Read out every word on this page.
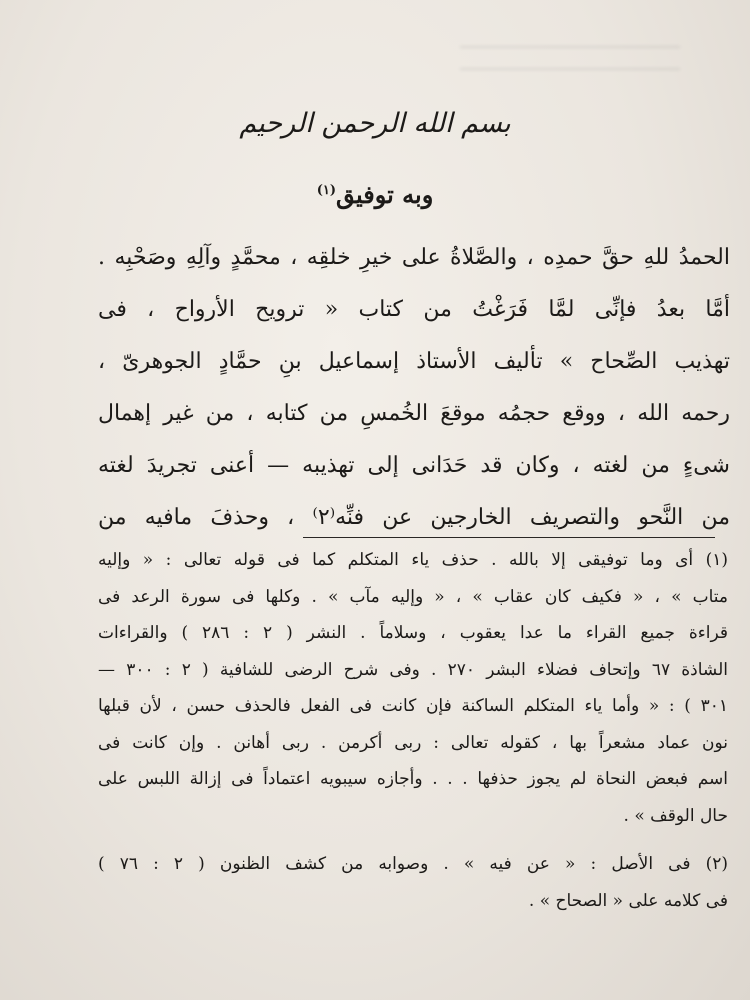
بسم الله الرحمن الرحيم
وبه توفيق$^{(١)}$
الحمدُ للهِ حقَّ حمدِه ، والصَّلاةُ على خيرِ خلقِه ، محمَّدٍ وآلِهِ وصَحْبِه .
أمَّا بعدُ فإنِّى لمَّا فَرَغْتُ من كتاب « ترويح الأرواح ، فى
تهذيب الصِّحاح » تأليف الأستاذ إسماعيل بنِ حمَّادٍ الجوهرىّ ،
رحمه الله ، ووقع حجمُه موقعَ الخُمسِ من كتابه ، من غير إهمال
شىءٍ من لغته ، وكان قد حَدَانى إلى تهذيبه — أعنى تجريدَ لغته
من النَّحو والتصريف الخارجين عن فنِّه⁽٢⁾ ، وحذفَ مافيه من
(١) أى وما توفيقى إلا بالله . حذف ياء المتكلم كما فى قوله تعالى : « وإليه
متاب » ، « فكيف كان عقاب » ، « وإليه مآب » . وكلها فى سورة الرعد فى
قراءة جميع القراء ما عدا يعقوب ، وسلاماً . النشر ( ٢ : ٢٨٦ ) والقراءات
الشاذة ٦٧ وإتحاف فضلاء البشر ٢٧٠ . وفى شرح الرضى للشافية ( ٢ : ٣٠٠ —
٣٠١ ) : « وأما ياء المتكلم الساكنة فإن كانت فى الفعل فالحذف حسن ، لأن قبلها
نون عماد مشعراً بها ، كقوله تعالى : ربى أكرمن . ربى أهانن . وإن كانت فى
اسم فبعض النحاة لم يجوز حذفها . . . وأجازه سيبويه اعتماداً فى إزالة اللبس على
حال الوقف » .
(٢) فى الأصل : « عن فيه » . وصوابه من كشف الظنون ( ٢ : ٧٦ )
فى كلامه على « الصحاح » .
